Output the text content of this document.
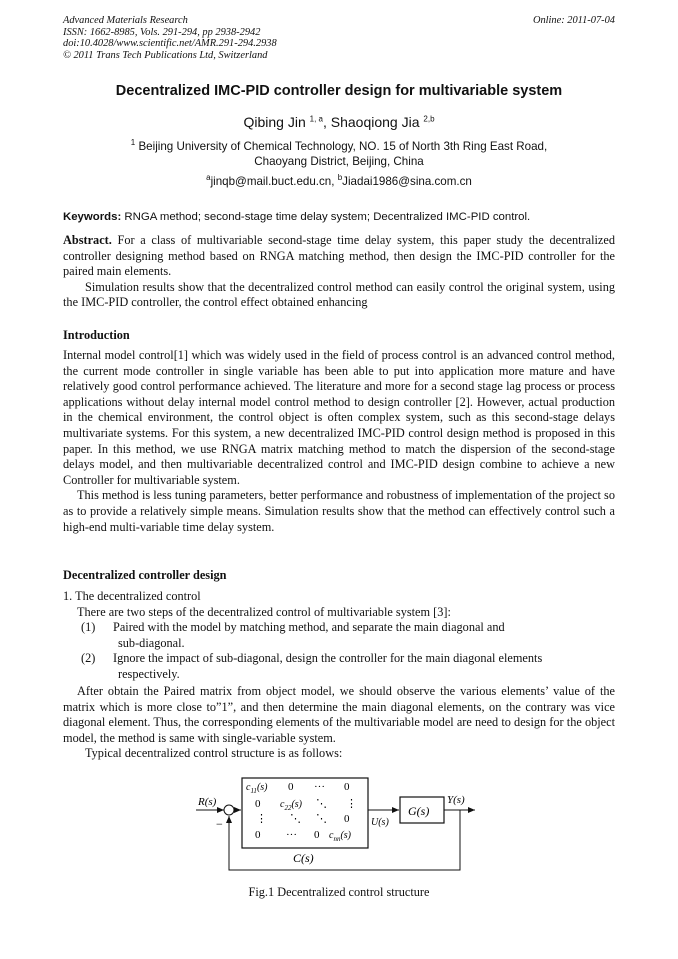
Advanced Materials Research
ISSN: 1662-8985, Vols. 291-294, pp 2938-2942
doi:10.4028/www.scientific.net/AMR.291-294.2938
© 2011 Trans Tech Publications Ltd, Switzerland
Online: 2011-07-04
Decentralized IMC-PID controller design for multivariable system
Qibing Jin $^{1, a}$, Shaoqiong Jia $^{2,b}$
$^1$ Beijing University of Chemical Technology, NO. 15 of North 3th Ring East Road,
Chaoyang District, Beijing, China
$^a$jinqb@mail.buct.edu.cn, $^b$Jiadai1986@sina.com.cn
Keywords: RNGA method; second-stage time delay system; Decentralized IMC-PID control.

Abstract. For a class of multivariable second-stage time delay system, this paper study the decentralized controller designing method based on RNGA matching method, then design the IMC-PID controller for the paired main elements.

Simulation results show that the decentralized control method can easily control the original system, using the IMC-PID controller, the control effect obtained enhancing

Introduction

Internal model control[1] which was widely used in the field of process control is an advanced control method, the current mode controller in single variable has been able to put into application more mature and have relatively good control performance achieved. The literature and more for a second stage lag process or process applications without delay internal model control method to design controller [2]. However, actual production in the chemical environment, the control object is often complex system, such as this second-stage delays multivariate systems. For this system, a new decentralized IMC-PID control design method is proposed in this paper. In this method, we use RNGA matrix matching method to match the dispersion of the second-stage delays model, and then multivariable decentralized control and IMC-PID design combine to achieve a new Controller for multivariable system.

This method is less tuning parameters, better performance and robustness of implementation of the project so as to provide a relatively simple means. Simulation results show that the method can effectively control such a high-end multi-variable time delay system.

Decentralized controller design
1. The decentralized control
There are two steps of the decentralized control of multivariable system [3]:
(1) Paired with the model by matching method, and separate the main diagonal and
sub-diagonal.
(2) Ignore the impact of sub-diagonal, design the controller for the main diagonal elements
respectively.

After obtain the Paired matrix from object model, we should observe the various elements’ value of the matrix which is more close to”1”, and then determine the main diagonal elements, on the contrary was vice diagonal element. Thus, the corresponding elements of the multivariable model are need to design for the object model, the method is same with single-variable system.

Typical decentralized control structure is as follows:

R(s)
−
$c_{11}(s)$ 0 ··· 0
0 $c_{22}(s)$ ⋱ ⋮
⋮ ⋱ ⋱ 0
0 ··· 0 $c_{nn}(s)$
C(s)
U(s)
G(s)
Y(s)
Fig.1 Decentralized control structure
